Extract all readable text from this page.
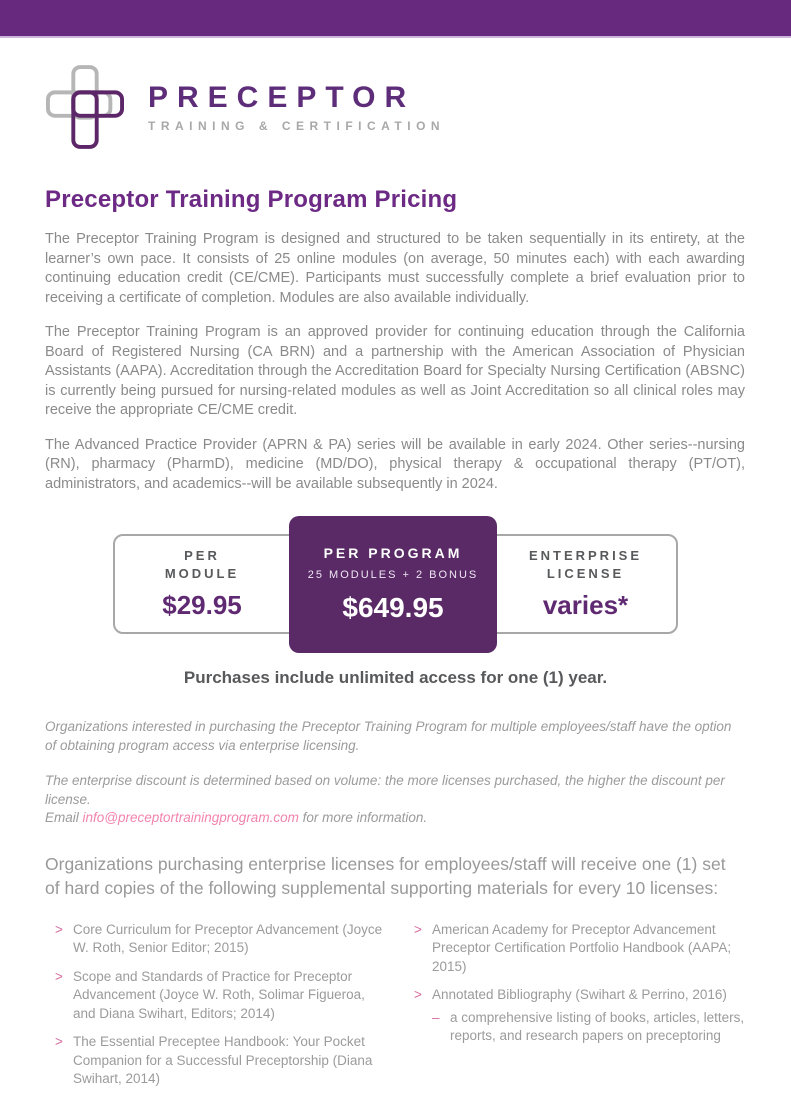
PRECEPTOR
TRAINING & CERTIFICATION
Preceptor Training Program Pricing

The Preceptor Training Program is designed and structured to be taken sequentially in its entirety, at the learner’s own pace. It consists of 25 online modules (on average, 50 minutes each) with each awarding continuing education credit (CE/CME). Participants must successfully complete a brief evaluation prior to receiving a certificate of completion. Modules are also available individually.

The Preceptor Training Program is an approved provider for continuing education through the California Board of Registered Nursing (CA BRN) and a partnership with the American Association of Physician Assistants (AAPA). Accreditation through the Accreditation Board for Specialty Nursing Certification (ABSNC) is currently being pursued for nursing-related modules as well as Joint Accreditation so all clinical roles may receive the appropriate CE/CME credit.

The Advanced Practice Provider (APRN & PA) series will be available in early 2024. Other series--nursing (RN), pharmacy (PharmD), medicine (MD/DO), physical therapy & occupational therapy (PT/OT), administrators, and academics--will be available subsequently in 2024.

PER
MODULE
$29.95
ENTERPRISE
LICENSE
varies*
PER PROGRAM
25 MODULES + 2 BONUS
$649.95
Purchases include unlimited access for one (1) year.

Organizations interested in purchasing the Preceptor Training Program for multiple employees/staff have the option of obtaining program access via enterprise licensing.

The enterprise discount is determined based on volume: the more licenses purchased, the higher the discount per license.
Email info@preceptortrainingprogram.com for more information.

Organizations purchasing enterprise licenses for employees/staff will receive one (1) set of hard copies of the following supplemental supporting materials for every 10 licenses:

> Core Curriculum for Preceptor Advancement (Joyce W. Roth, Senior Editor; 2015)
> Scope and Standards of Practice for Preceptor Advancement (Joyce W. Roth, Solimar Figueroa, and Diana Swihart, Editors; 2014)
> The Essential Preceptee Handbook: Your Pocket Companion for a Successful Preceptorship (Diana Swihart, 2014)
> American Academy for Preceptor Advancement Preceptor Certification Portfolio Handbook (AAPA; 2015)
> Annotated Bibliography (Swihart & Perrino, 2016)
– a comprehensive listing of books, articles, letters, reports, and research papers on preceptoring
